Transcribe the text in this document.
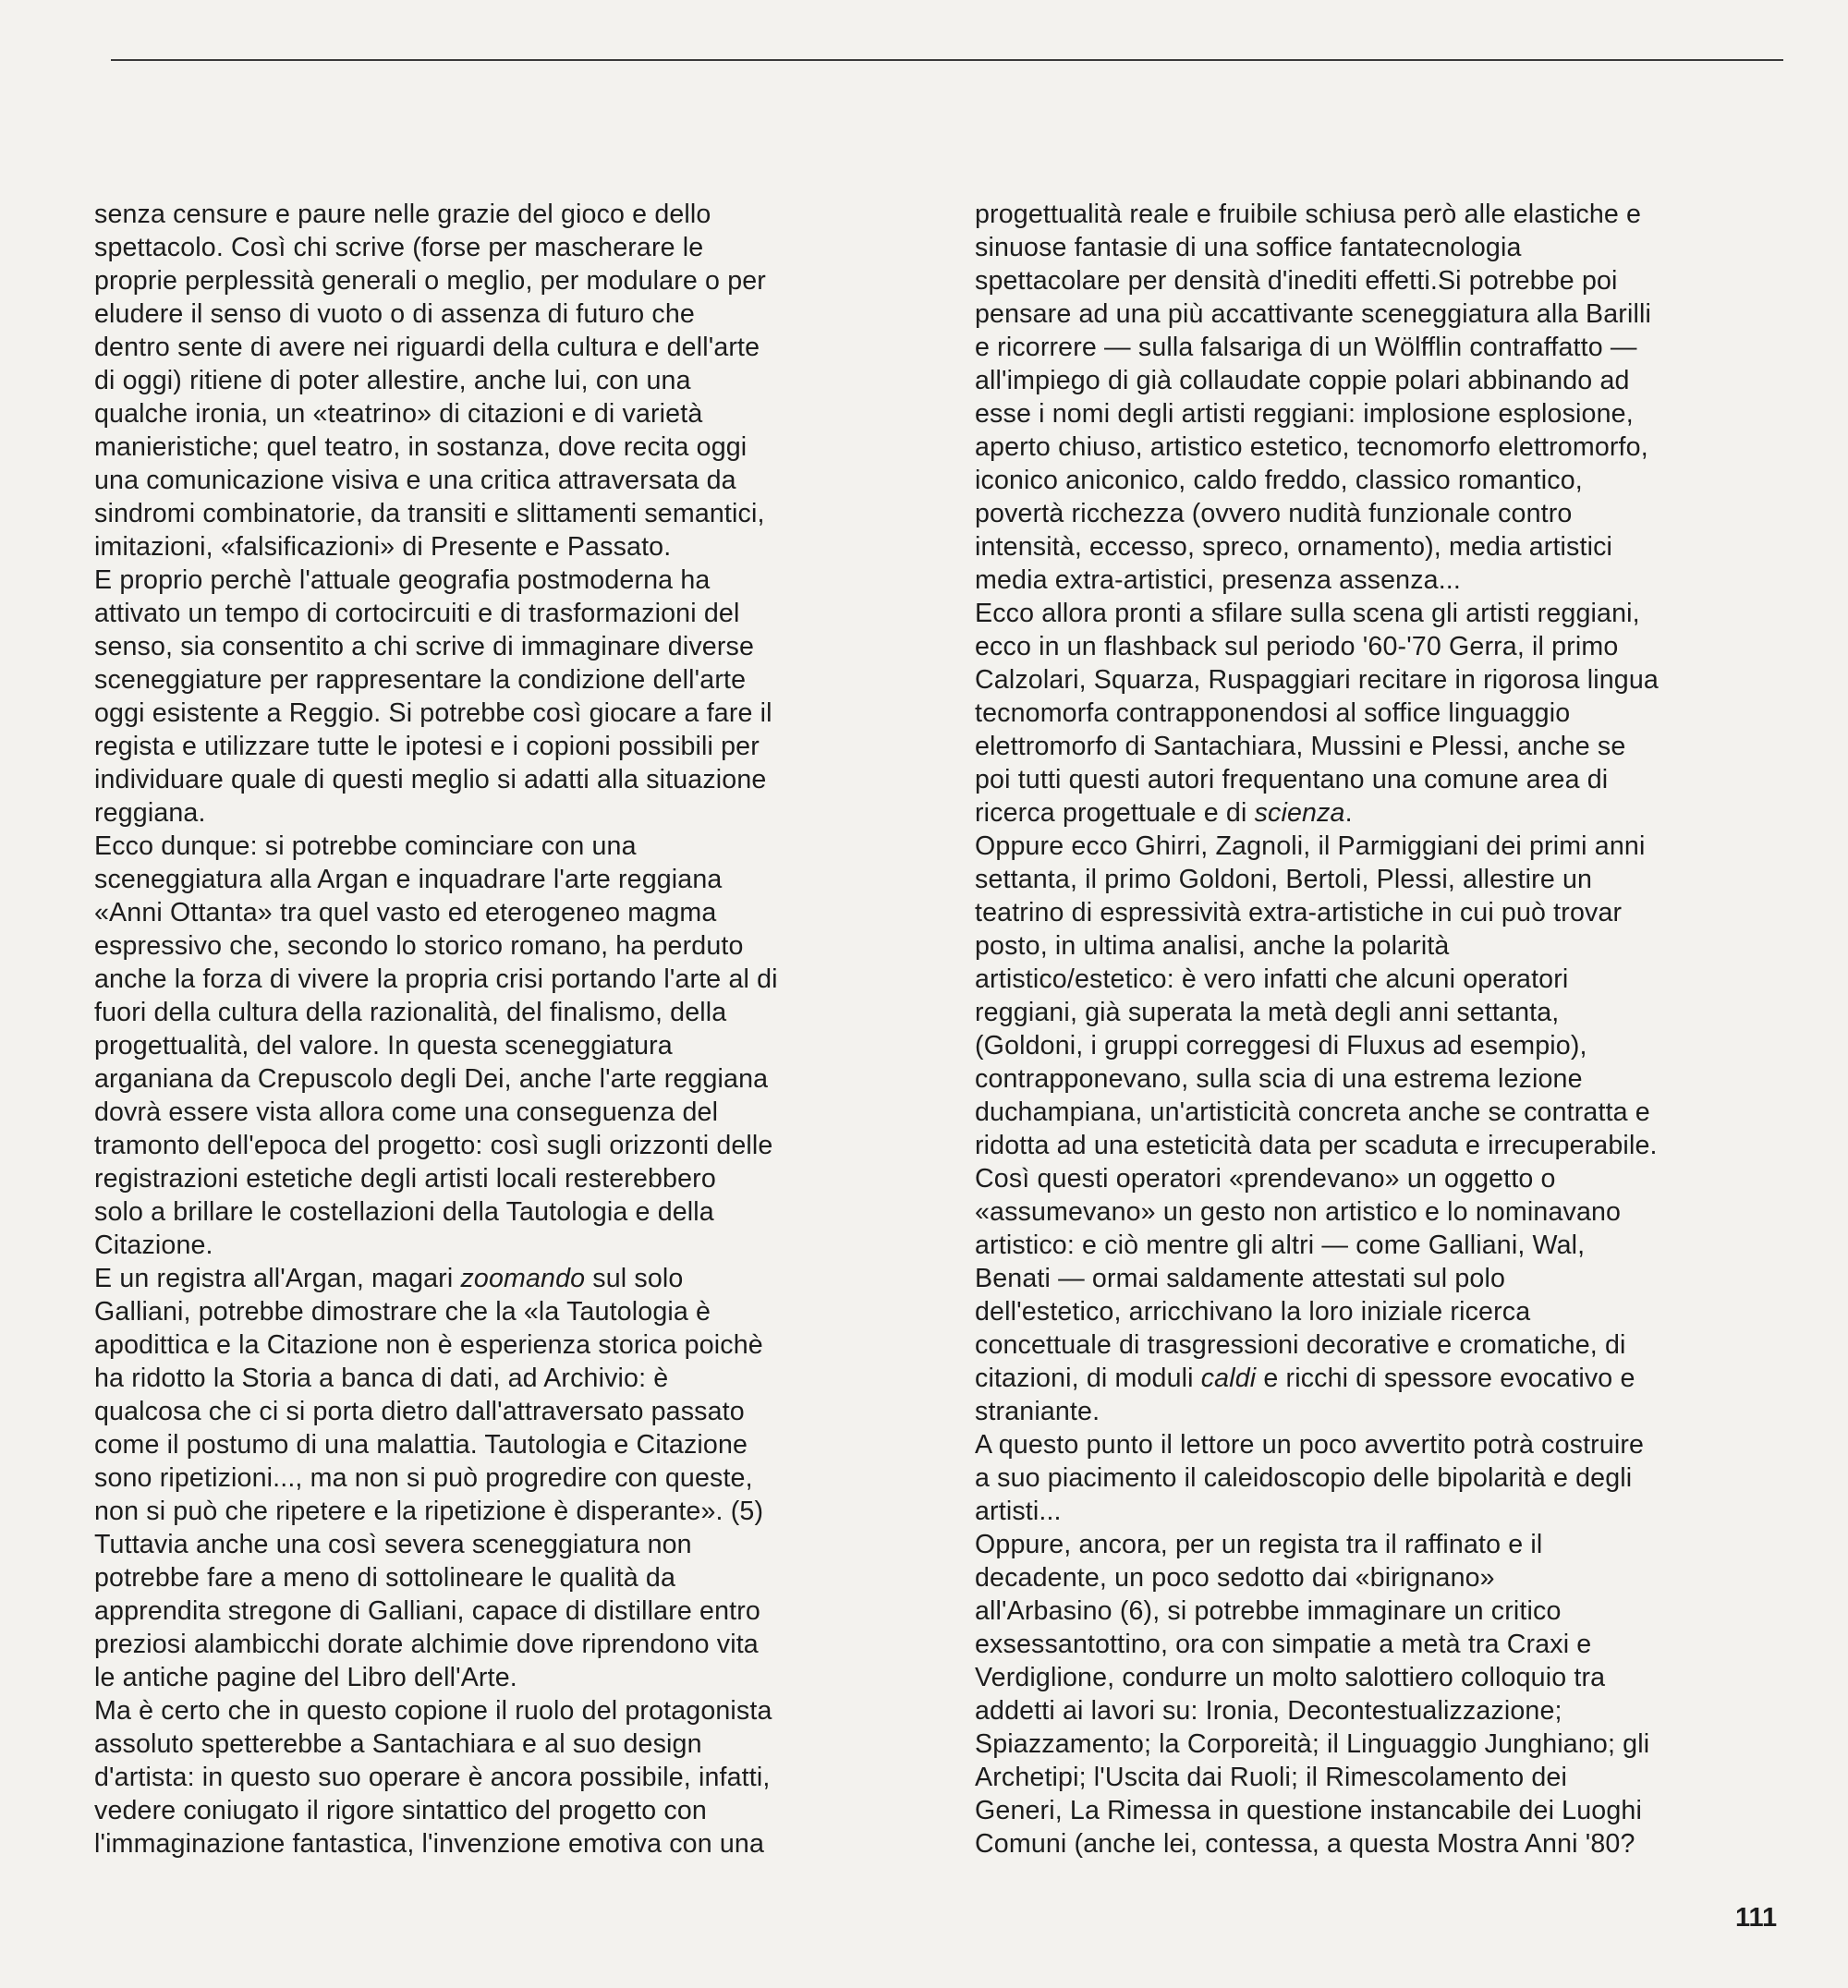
senza censure e paure nelle grazie del gioco e dello
spettacolo. Così chi scrive (forse per mascherare le
proprie perplessità generali o meglio, per modulare o per
eludere il senso di vuoto o di assenza di futuro che
dentro sente di avere nei riguardi della cultura e dell'arte
di oggi) ritiene di poter allestire, anche lui, con una
qualche ironia, un «teatrino» di citazioni e di varietà
manieristiche; quel teatro, in sostanza, dove recita oggi
una comunicazione visiva e una critica attraversata da
sindromi combinatorie, da transiti e slittamenti semantici,
imitazioni, «falsificazioni» di Presente e Passato.
E proprio perchè l'attuale geografia postmoderna ha
attivato un tempo di cortocircuiti e di trasformazioni del
senso, sia consentito a chi scrive di immaginare diverse
sceneggiature per rappresentare la condizione dell'arte
oggi esistente a Reggio. Si potrebbe così giocare a fare il
regista e utilizzare tutte le ipotesi e i copioni possibili per
individuare quale di questi meglio si adatti alla situazione
reggiana.
Ecco dunque: si potrebbe cominciare con una
sceneggiatura alla Argan e inquadrare l'arte reggiana
«Anni Ottanta» tra quel vasto ed eterogeneo magma
espressivo che, secondo lo storico romano, ha perduto
anche la forza di vivere la propria crisi portando l'arte al di
fuori della cultura della razionalità, del finalismo, della
progettualità, del valore. In questa sceneggiatura
arganiana da Crepuscolo degli Dei, anche l'arte reggiana
dovrà essere vista allora come una conseguenza del
tramonto dell'epoca del progetto: così sugli orizzonti delle
registrazioni estetiche degli artisti locali resterebbero
solo a brillare le costellazioni della Tautologia e della
Citazione.
E un registra all'Argan, magari zoomando sul solo
Galliani, potrebbe dimostrare che la «la Tautologia è
apodittica e la Citazione non è esperienza storica poichè
ha ridotto la Storia a banca di dati, ad Archivio: è
qualcosa che ci si porta dietro dall'attraversato passato
come il postumo di una malattia. Tautologia e Citazione
sono ripetizioni..., ma non si può progredire con queste,
non si può che ripetere e la ripetizione è disperante». (5)
Tuttavia anche una così severa sceneggiatura non
potrebbe fare a meno di sottolineare le qualità da
apprendita stregone di Galliani, capace di distillare entro
preziosi alambicchi dorate alchimie dove riprendono vita
le antiche pagine del Libro dell'Arte.
Ma è certo che in questo copione il ruolo del protagonista
assoluto spetterebbe a Santachiara e al suo design
d'artista: in questo suo operare è ancora possibile, infatti,
vedere coniugato il rigore sintattico del progetto con
l'immaginazione fantastica, l'invenzione emotiva con una
progettualità reale e fruibile schiusa però alle elastiche e
sinuose fantasie di una soffice fantatecnologia
spettacolare per densità d'inediti effetti.Si potrebbe poi
pensare ad una più accattivante sceneggiatura alla Barilli
e ricorrere — sulla falsariga di un Wölfflin contraffatto —
all'impiego di già collaudate coppie polari abbinando ad
esse i nomi degli artisti reggiani: implosione esplosione,
aperto chiuso, artistico estetico, tecnomorfo elettromorfo,
iconico aniconico, caldo freddo, classico romantico,
povertà ricchezza (ovvero nudità funzionale contro
intensità, eccesso, spreco, ornamento), media artistici
media extra-artistici, presenza assenza...
Ecco allora pronti a sfilare sulla scena gli artisti reggiani,
ecco in un flashback sul periodo '60-'70 Gerra, il primo
Calzolari, Squarza, Ruspaggiari recitare in rigorosa lingua
tecnomorfa contrapponendosi al soffice linguaggio
elettromorfo di Santachiara, Mussini e Plessi, anche se
poi tutti questi autori frequentano una comune area di
ricerca progettuale e di scienza.
Oppure ecco Ghirri, Zagnoli, il Parmiggiani dei primi anni
settanta, il primo Goldoni, Bertoli, Plessi, allestire un
teatrino di espressività extra-artistiche in cui può trovar
posto, in ultima analisi, anche la polarità
artistico/estetico: è vero infatti che alcuni operatori
reggiani, già superata la metà degli anni settanta,
(Goldoni, i gruppi correggesi di Fluxus ad esempio),
contrapponevano, sulla scia di una estrema lezione
duchampiana, un'artisticità concreta anche se contratta e
ridotta ad una esteticità data per scaduta e irrecuperabile.
Così questi operatori «prendevano» un oggetto o
«assumevano» un gesto non artistico e lo nominavano
artistico: e ciò mentre gli altri — come Galliani, Wal,
Benati — ormai saldamente attestati sul polo
dell'estetico, arricchivano la loro iniziale ricerca
concettuale di trasgressioni decorative e cromatiche, di
citazioni, di moduli caldi e ricchi di spessore evocativo e
straniante.
A questo punto il lettore un poco avvertito potrà costruire
a suo piacimento il caleidoscopio delle bipolarità e degli
artisti...
Oppure, ancora, per un regista tra il raffinato e il
decadente, un poco sedotto dai «birignano»
all'Arbasino (6), si potrebbe immaginare un critico
exsessantottino, ora con simpatie a metà tra Craxi e
Verdiglione, condurre un molto salottiero colloquio tra
addetti ai lavori su: Ironia, Decontestualizzazione;
Spiazzamento; la Corporeità; il Linguaggio Junghiano; gli
Archetipi; l'Uscita dai Ruoli; il Rimescolamento dei
Generi, La Rimessa in questione instancabile dei Luoghi
Comuni (anche lei, contessa, a questa Mostra Anni '80?
111
